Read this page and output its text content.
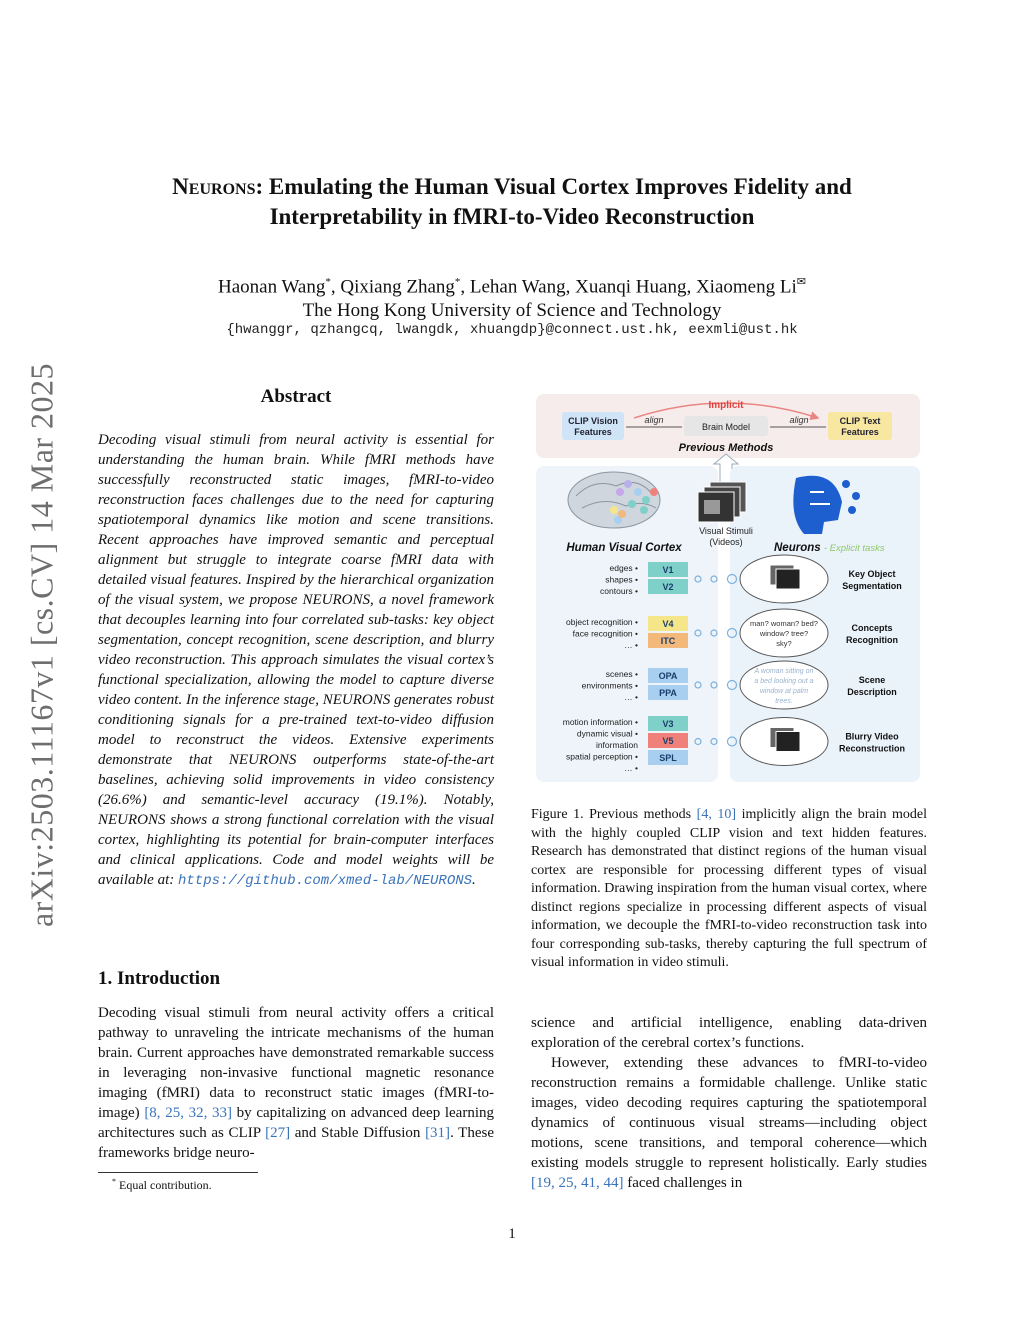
arXiv:2503.11167v1 [cs.CV] 14 Mar 2025
Neurons: Emulating the Human Visual Cortex Improves Fidelity and
Interpretability in fMRI-to-Video Reconstruction
Haonan Wang*, Qixiang Zhang*, Lehan Wang, Xuanqi Huang, Xiaomeng Li✉
The Hong Kong University of Science and Technology
{hwanggr, qzhangcq, lwangdk, xhuangdp}@connect.ust.hk, eexmli@ust.hk
Abstract
Decoding visual stimuli from neural activity is essential for understanding the human brain. While fMRI methods have successfully reconstructed static images, fMRI-to-video reconstruction faces challenges due to the need for capturing spatiotemporal dynamics like motion and scene transitions. Recent approaches have improved semantic and perceptual alignment but struggle to integrate coarse fMRI data with detailed visual features. Inspired by the hierarchical organization of the visual system, we propose NEURONS, a novel framework that decouples learning into four correlated sub-tasks: key object segmentation, concept recognition, scene description, and blurry video reconstruction. This approach simulates the visual cortex’s functional specialization, allowing the model to capture diverse video content. In the inference stage, NEURONS generates robust conditioning signals for a pre-trained text-to-video diffusion model to reconstruct the videos. Extensive experiments demonstrate that NEURONS outperforms state-of-the-art baselines, achieving solid improvements in video consistency (26.6%) and semantic-level accuracy (19.1%). Notably, NEURONS shows a strong functional correlation with the visual cortex, highlighting its potential for brain-computer interfaces and clinical applications. Code and model weights will be available at: https://github.com/xmed-lab/NEURONS.
1. Introduction
Decoding visual stimuli from neural activity offers a critical pathway to unraveling the intricate mechanisms of the human brain. Current approaches have demonstrated remarkable success in leveraging non-invasive functional magnetic resonance imaging (fMRI) data to reconstruct static images (fMRI-to-image) [8, 25, 32, 33] by capitalizing on advanced deep learning architectures such as CLIP [27] and Stable Diffusion [31]. These frameworks bridge neuro-
* Equal contribution.
Implicit
CLIP Vision
Features
align
Brain Model
align	CLIP Text
Features
Previous Methods
Visual Stimuli
(Videos)
Human Visual Cortex	Neurons - Explicit tasks
edges •
shapes •
contours •
V1
V2
Key Object
Segmentation
object recognition •
face recognition •
… •
V4
ITC
man? woman? bed?
window? tree?
sky?
Concepts
Recognition
scenes •
environments •
… •
OPA
PPA
A woman sitting on
a bed looking out a
window at palm
trees.
Scene
Description
motion information •
dynamic visual •
information
spatial perception •
… •
V3
V5
SPL
Blurry Video
Reconstruction
Figure 1. Previous methods [4, 10] implicitly align the brain model with the highly coupled CLIP vision and text hidden features. Research has demonstrated that distinct regions of the human visual cortex are responsible for processing different types of visual information. Drawing inspiration from the human visual cortex, where distinct regions specialize in processing different aspects of visual information, we decouple the fMRI-to-video reconstruction task into four corresponding sub-tasks, thereby capturing the full spectrum of visual information in video stimuli.

science and artificial intelligence, enabling data-driven exploration of the cerebral cortex’s functions.

However, extending these advances to fMRI-to-video reconstruction remains a formidable challenge. Unlike static images, video decoding requires capturing the spatiotemporal dynamics of continuous visual streams—including object motions, scene transitions, and temporal coherence—which existing models struggle to represent holistically. Early studies [19, 25, 41, 44] faced challenges in

1
